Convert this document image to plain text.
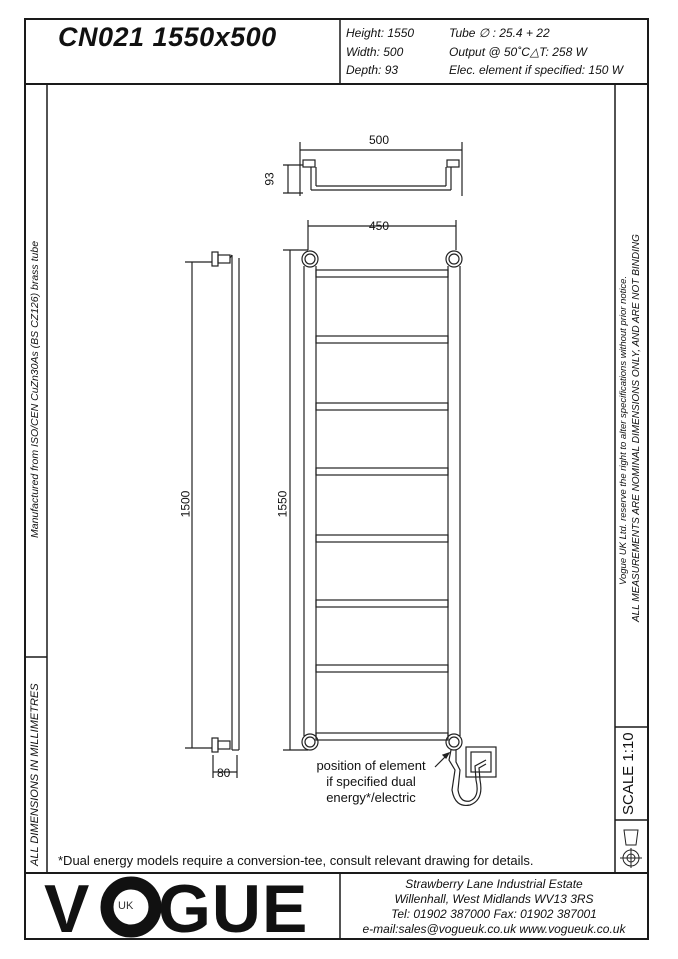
CN021 1550x500	Height: 1550
Width: 500
Depth: 93
Tube ∅ : 25.4 + 22
Output @ 50˚C△T: 258 W
Elec. element if specified: 150 W
Manufactured from ISO/CEN CuZn30As (BS CZ126) brass tube
ALL DIMENSIONS IN MILLIMETRES
Vogue UK Ltd. reserve the right to alter specifications without prior notice. ALL MEASUREMENTS ARE NOMINAL DIMENSIONS ONLY, AND ARE NOT BINDING
SCALE 1:10
500
93
450
1500	1550
80	position of element
if specified dual
energy*/electric
*Dual energy models require a conversion-tee, consult relevant drawing for details.
V	UK GUE	Strawberry Lane Industrial Estate
Willenhall, West Midlands WV13 3RS
Tel: 01902 387000 Fax: 01902 387001
e-mail:sales@vogueuk.co.uk www.vogueuk.co.uk
